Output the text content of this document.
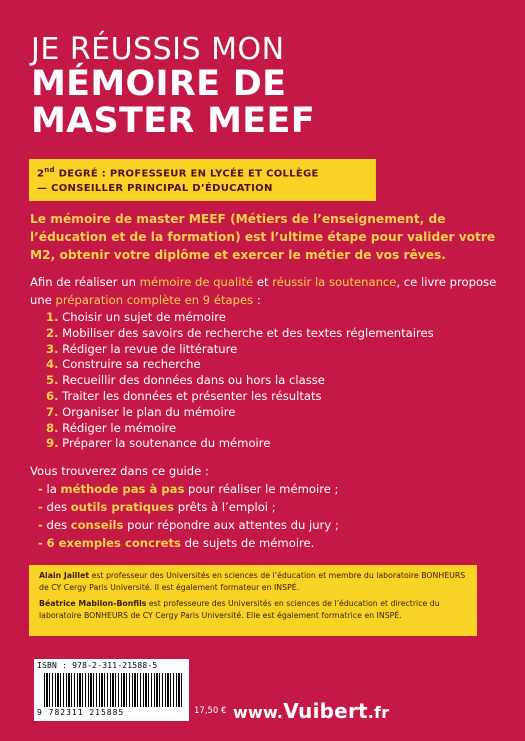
JE RÉUSSIS MON
MÉMOIRE DE
MASTER MEEF
2nd DEGRÉ : PROFESSEUR EN LYCÉE ET COLLÈGE
— CONSEILLER PRINCIPAL D’ÉDUCATION
Le mémoire de master MEEF (Métiers de l’enseignement, de l’éducation et de la formation) est l’ultime étape pour valider votre M2, obtenir votre diplôme et exercer le métier de vos rêves.
Afin de réaliser un mémoire de qualité et réussir la soutenance, ce livre propose une préparation complète en 9 étapes :
1. Choisir un sujet de mémoire
2. Mobiliser des savoirs de recherche et des textes réglementaires
3. Rédiger la revue de littérature
4. Construire sa recherche
5. Recueillir des données dans ou hors la classe
6. Traiter les données et présenter les résultats
7. Organiser le plan du mémoire
8. Rédiger le mémoire
9. Préparer la soutenance du mémoire
Vous trouverez dans ce guide :
- la méthode pas à pas pour réaliser le mémoire ;
- des outils pratiques prêts à l’emploi ;
- des conseils pour répondre aux attentes du jury ;
- 6 exemples concrets de sujets de mémoire.

Alain Jaillet est professeur des Universités en sciences de l’éducation et membre du laboratoire BONHEURS de CY Cergy Paris Université. Il est également formateur en INSPÉ.

Béatrice Mabilon-Bonfils est professeure des Universités en sciences de l’éducation et directrice du laboratoire BONHEURS de CY Cergy Paris Université. Elle est également formatrice en INSPÉ.

ISBN : 978-2-311-21588-5
9 782311 215885	17,50 € www.Vuibert.fr
